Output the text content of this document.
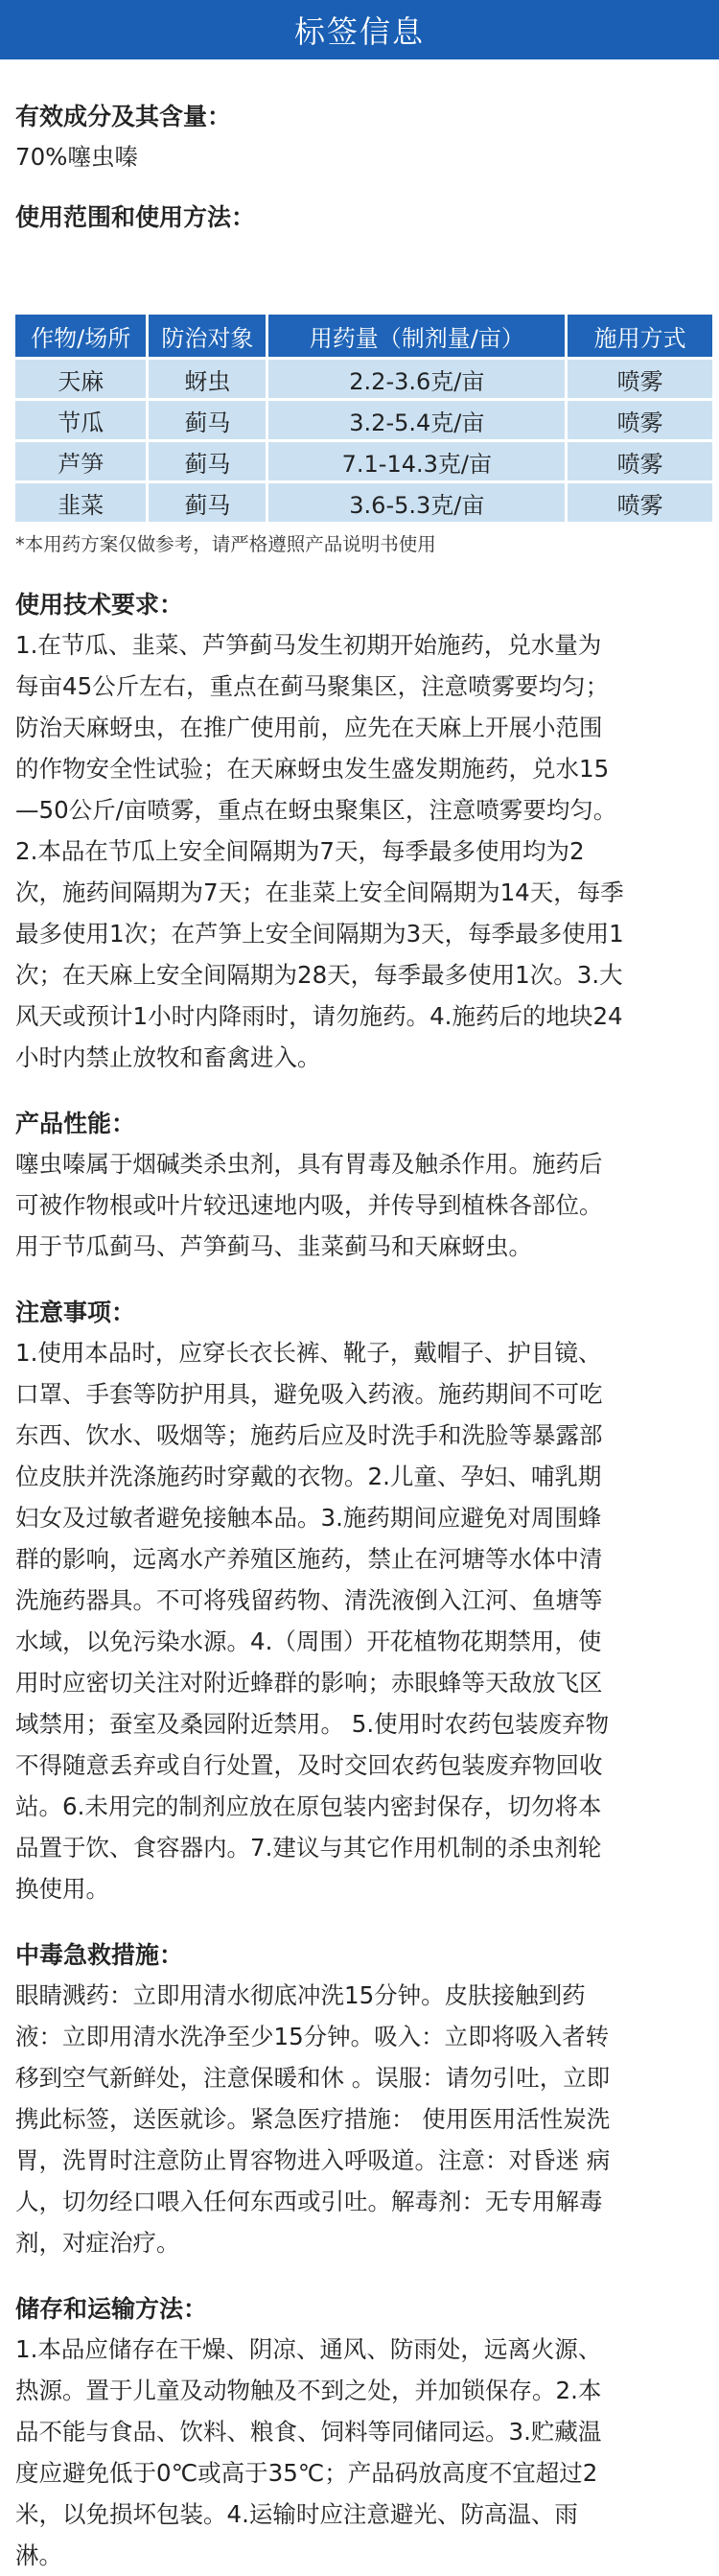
标签信息
有效成分及其含量：
70%噻虫嗪
使用范围和使用方法：
作物/场所	防治对象	用药量（制剂量/亩）	施用方式
天麻	蚜虫	2.2-3.6克/亩	喷雾
节瓜	蓟马	3.2-5.4克/亩	喷雾
芦笋	蓟马	7.1-14.3克/亩	喷雾
韭菜	蓟马	3.6-5.3克/亩	喷雾
*本用药方案仅做参考，请严格遵照产品说明书使用
使用技术要求：
1.在节瓜、韭菜、芦笋蓟马发生初期开始施药，兑水量为
每亩45公斤左右，重点在蓟马聚集区，注意喷雾要均匀；
防治天麻蚜虫，在推广使用前，应先在天麻上开展小范围
的作物安全性试验；在天麻蚜虫发生盛发期施药，兑水15
—50公斤/亩喷雾，重点在蚜虫聚集区，注意喷雾要均匀。
2.本品在节瓜上安全间隔期为7天，每季最多使用均为2
次，施药间隔期为7天；在韭菜上安全间隔期为14天，每季
最多使用1次；在芦笋上安全间隔期为3天，每季最多使用1
次；在天麻上安全间隔期为28天，每季最多使用1次。3.大
风天或预计1小时内降雨时，请勿施药。4.施药后的地块24
小时内禁止放牧和畜禽进入。
产品性能：
噻虫嗪属于烟碱类杀虫剂，具有胃毒及触杀作用。施药后
可被作物根或叶片较迅速地内吸，并传导到植株各部位。
用于节瓜蓟马、芦笋蓟马、韭菜蓟马和天麻蚜虫。
注意事项：
1.使用本品时，应穿长衣长裤、靴子，戴帽子、护目镜、
口罩、手套等防护用具，避免吸入药液。施药期间不可吃
东西、饮水、吸烟等；施药后应及时洗手和洗脸等暴露部
位皮肤并洗涤施药时穿戴的衣物。2.儿童、孕妇、哺乳期
妇女及过敏者避免接触本品。3.施药期间应避免对周围蜂
群的影响，远离水产养殖区施药，禁止在河塘等水体中清
洗施药器具。不可将残留药物、清洗液倒入江河、鱼塘等
水域，以免污染水源。4.（周围）开花植物花期禁用，使
用时应密切关注对附近蜂群的影响；赤眼蜂等天敌放飞区
域禁用；蚕室及桑园附近禁用。 5.使用时农药包装废弃物
不得随意丢弃或自行处置，及时交回农药包装废弃物回收
站。6.未用完的制剂应放在原包装内密封保存，切勿将本
品置于饮、食容器内。7.建议与其它作用机制的杀虫剂轮
换使用。
中毒急救措施：
眼睛溅药：立即用清水彻底冲洗15分钟。皮肤接触到药
液：立即用清水洗净至少15分钟。吸入：立即将吸入者转
移到空气新鲜处，注意保暖和休 。误服：请勿引吐，立即
携此标签，送医就诊。紧急医疗措施： 使用医用活性炭洗
胃，洗胃时注意防止胃容物进入呼吸道。注意：对昏迷 病
人，切勿经口喂入任何东西或引吐。解毒剂：无专用解毒
剂，对症治疗。
储存和运输方法：
1.本品应储存在干燥、阴凉、通风、防雨处，远离火源、
热源。置于儿童及动物触及不到之处，并加锁保存。2.本
品不能与食品、饮料、粮食、饲料等同储同运。3.贮藏温
度应避免低于0℃或高于35℃；产品码放高度不宜超过2
米，以免损坏包装。4.运输时应注意避光、防高温、雨
淋。
